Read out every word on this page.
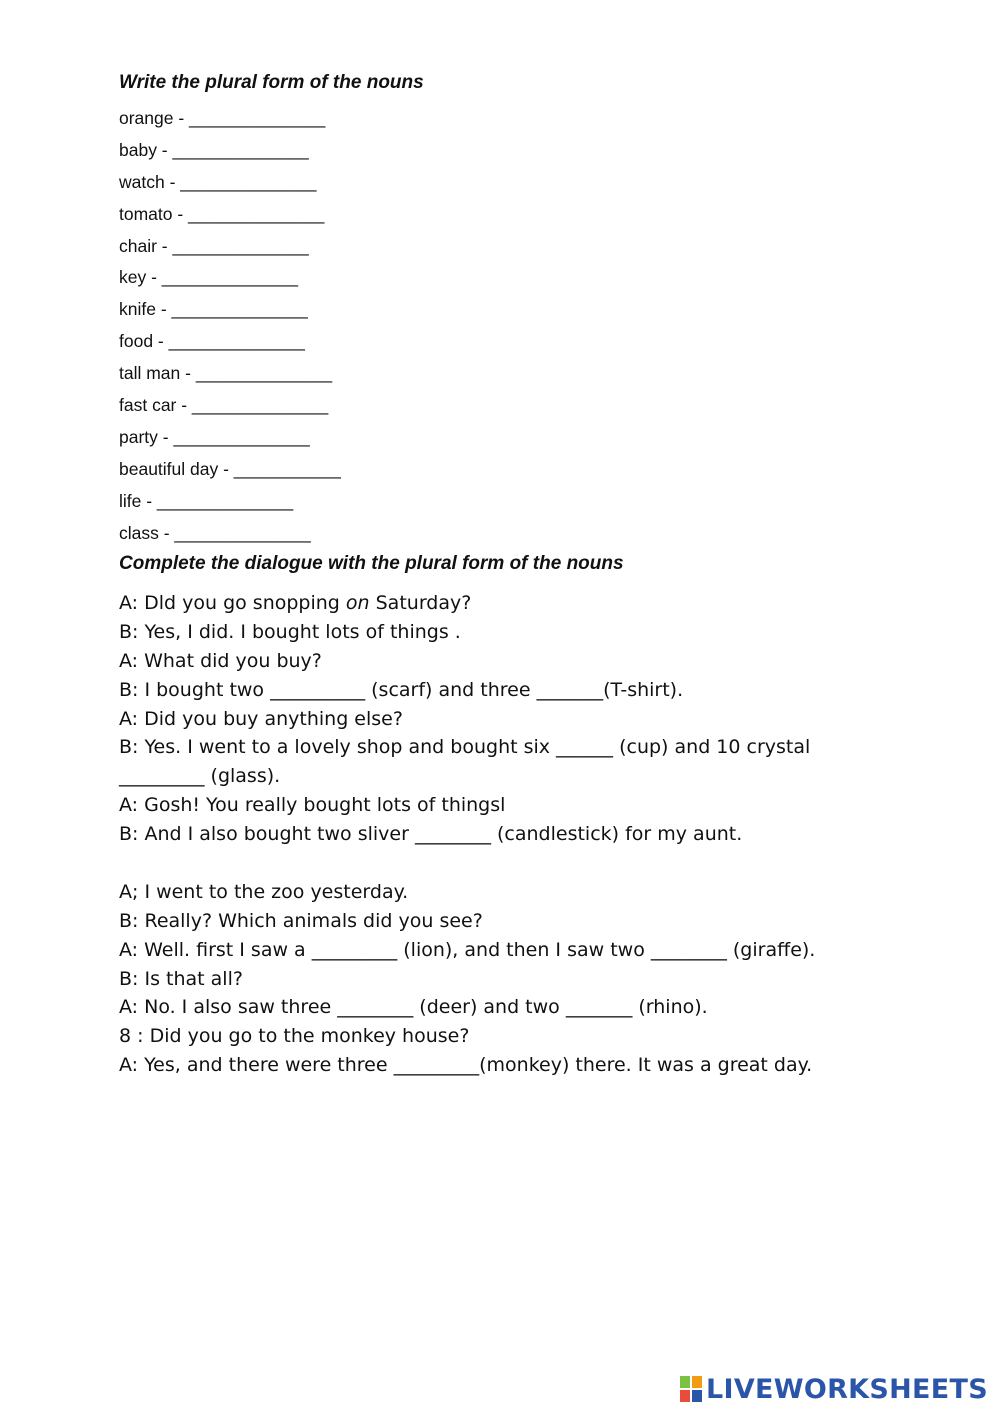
Write the plural form of the nouns
orange - ______________
baby - ______________
watch - ______________
tomato - ______________
chair - ______________
key - ______________
knife - ______________
food - ______________
tall man - ______________
fast car - ______________
party - ______________
beautiful day - ___________
life - ______________
class - ______________
Complete the dialogue with the plural form of the nouns
A: Dld you go snopping on Saturday?
B: Yes, I did. I bought lots of things .
A: What did you buy?
B: I bought two __________ (scarf) and three _______(T-shirt).
A: Did you buy anything else?
B: Yes. I went to a lovely shop and bought six ______ (cup) and 10 crystal
_________ (glass).
A: Gosh! You really bought lots of thingsl
B: And I also bought two sliver ________ (candlestick) for my aunt.
A; I went to the zoo yesterday.
B: Really? Which animals did you see?
A: Well. first I saw a _________ (lion), and then I saw two ________ (giraffe).
B: Is that all?
A: No. I also saw three ________ (deer) and two _______ (rhino).
8 : Did you go to the monkey house?
A: Yes, and there were three _________(monkey) there. It was a great day.
LIVEWORKSHEETS
